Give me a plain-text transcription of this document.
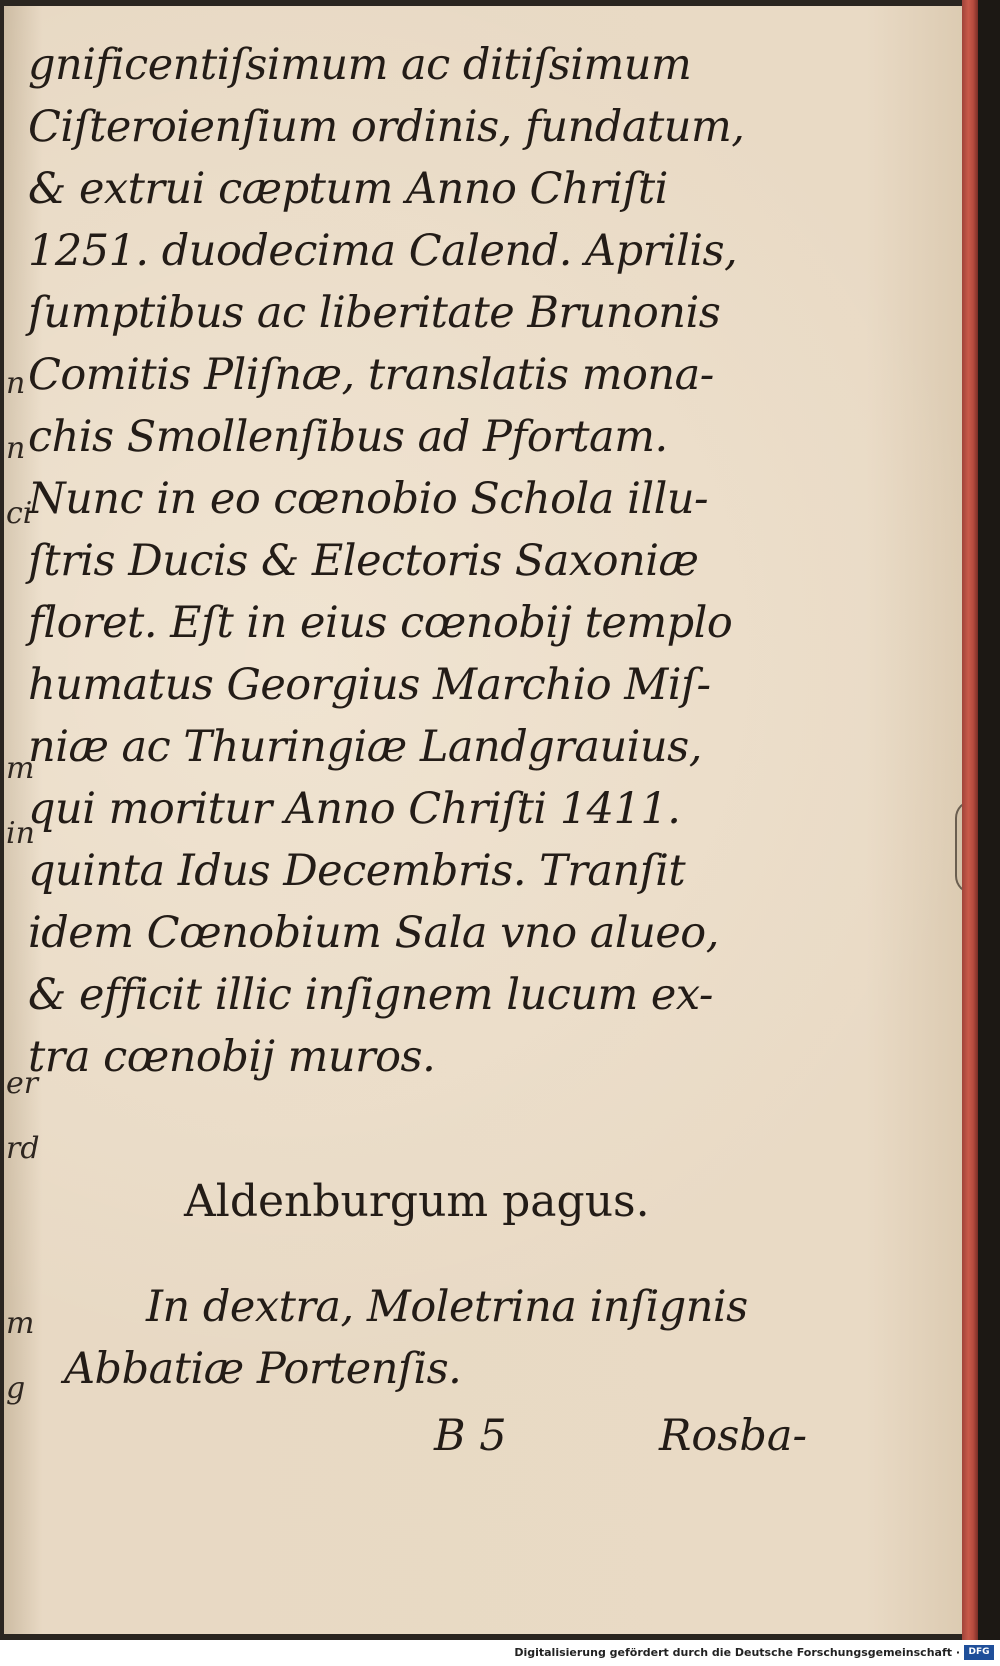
n
n
ci
m
in
er
rd
m
g
gnificentiſsimum ac ditiſsimum
Ciſteroienſium ordinis, fundatum,
& extrui cæptum Anno Chriſti
1251. duodecima Calend. Aprilis,
ſumptibus ac liberitate Brunonis
Comitis Pliſnæ, translatis mona-
chis Smollenſibus ad Pfortam.
Nunc in eo cœnobio Schola illu-
ſtris Ducis & Electoris Saxoniæ
floret. Eſt in eius cœnobij templo
humatus Georgius Marchio Miſ-
niæ ac Thuringiæ Landgrauius,
qui moritur Anno Chriſti 1411.
quinta Idus Decembris. Tranſit
idem Cœnobium Sala vno alueo,
& efficit illic inſignem lucum ex-
tra cœnobij muros.
Aldenburgum pagus.
In dextra, Moletrina inſignis
Abbatiæ Portenſis.
B 5	Rosba-
Digitalisierung gefördert durch die Deutsche Forschungsgemeinschaft · DFG
